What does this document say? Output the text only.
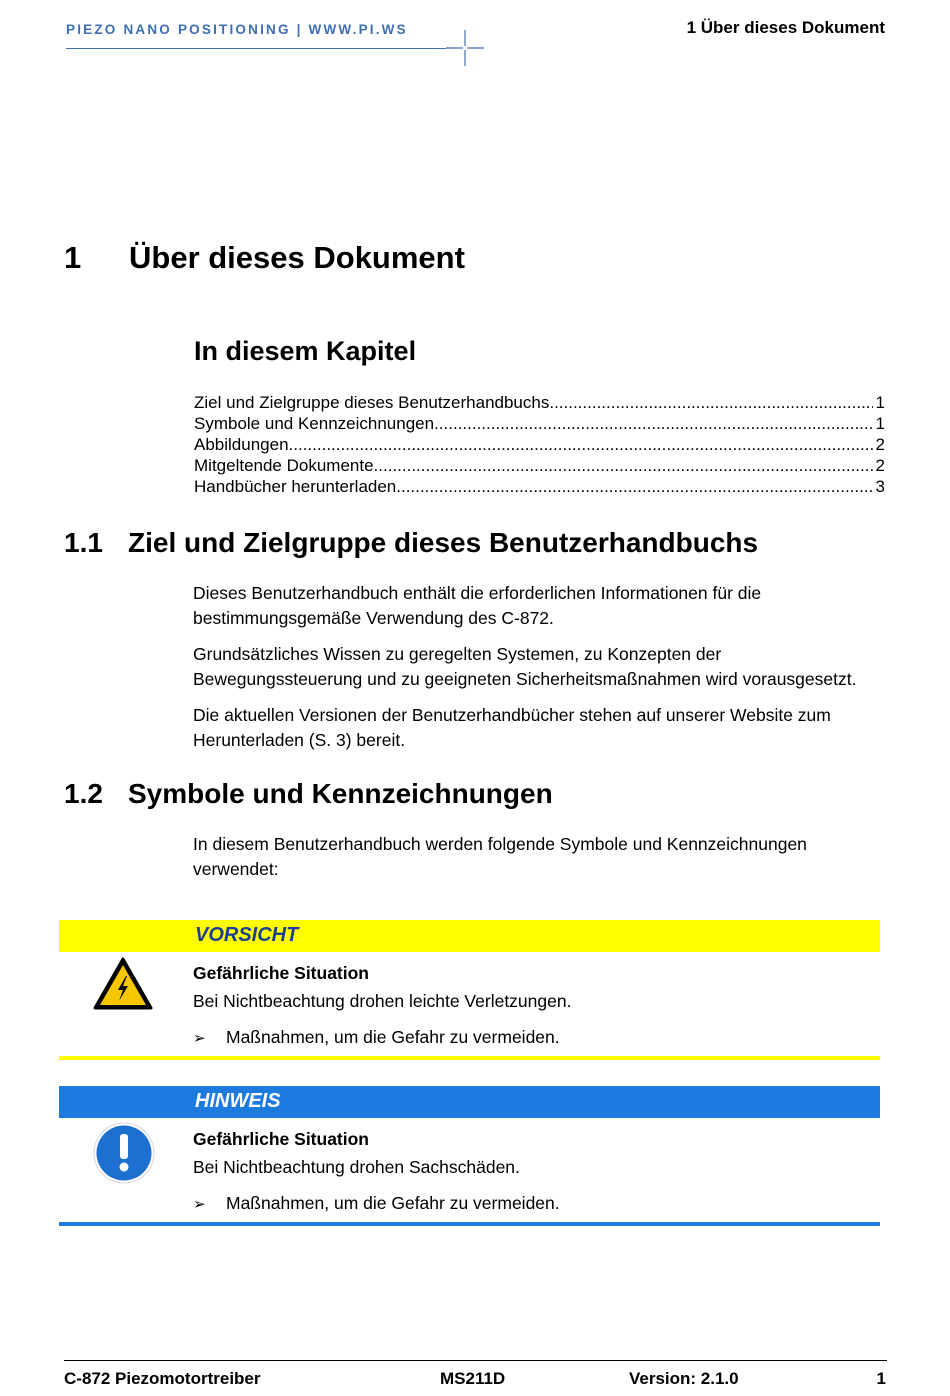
PIEZO NANO POSITIONING | WWW.PI.WS	1 Über dieses Dokument
1 Über dieses Dokument
In diesem Kapitel
Ziel und Zielgruppe dieses Benutzerhandbuchs .....	1
Symbole und Kennzeichnungen .....	1
Abbildungen .....	2
Mitgeltende Dokumente .....	2
Handbücher herunterladen .....	3
1.1 Ziel und Zielgruppe dieses Benutzerhandbuchs

Dieses Benutzerhandbuch enthält die erforderlichen Informationen für die bestimmungsgemäße Verwendung des C-872.

Grundsätzliches Wissen zu geregelten Systemen, zu Konzepten der Bewegungssteuerung und zu geeigneten Sicherheitsmaßnahmen wird vorausgesetzt.

Die aktuellen Versionen der Benutzerhandbücher stehen auf unserer Website zum Herunterladen (S. 3) bereit.

1.2 Symbole und Kennzeichnungen

In diesem Benutzerhandbuch werden folgende Symbole und Kennzeichnungen verwendet:

VORSICHT
Gefährliche Situation
Bei Nichtbeachtung drohen leichte Verletzungen.
➢ Maßnahmen, um die Gefahr zu vermeiden.
HINWEIS
Gefährliche Situation
Bei Nichtbeachtung drohen Sachschäden.
➢ Maßnahmen, um die Gefahr zu vermeiden.
C-872 Piezomotortreiber	MS211D	Version: 2.1.0	1
